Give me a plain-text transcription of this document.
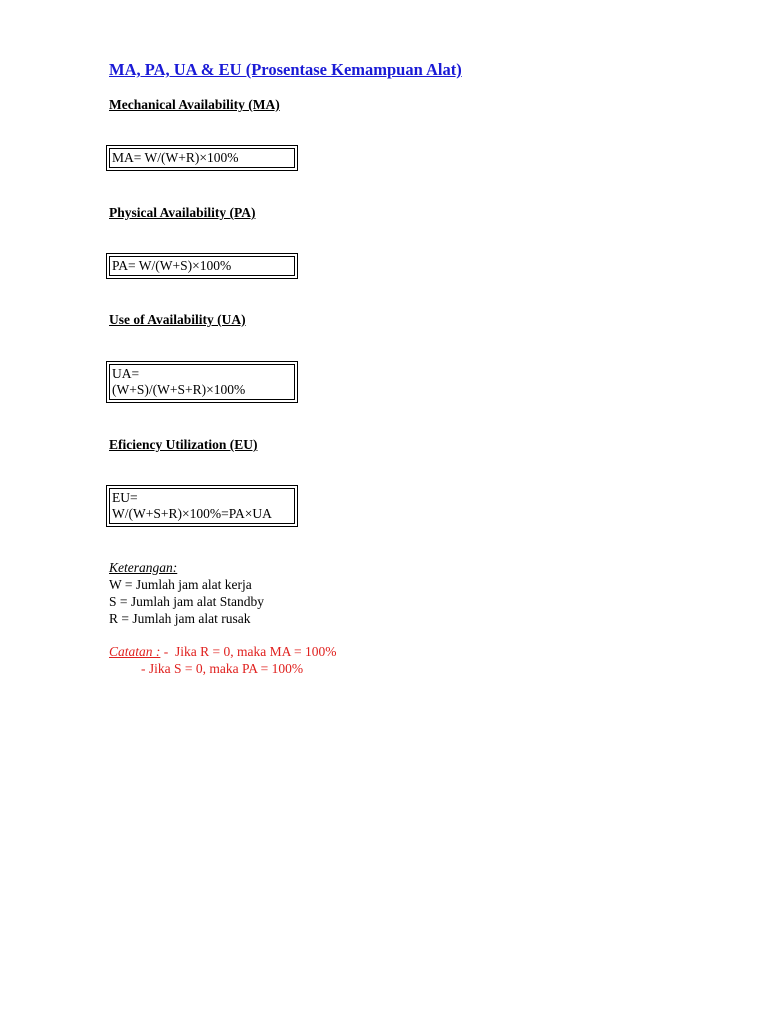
MA, PA, UA & EU (Prosentase Kemampuan Alat)
Mechanical Availability (MA)
MA= W/(W+R)×100%
Physical Availability (PA)
PA= W/(W+S)×100%
Use of Availability (UA)
UA=
(W+S)/(W+S+R)×100%
Eficiency Utilization (EU)
EU=
W/(W+S+R)×100%=PA×UA
Keterangan:
W = Jumlah jam alat kerja
S = Jumlah jam alat Standby
R = Jumlah jam alat rusak
Catatan : -  Jika R = 0, maka MA = 100%
- Jika S = 0, maka PA = 100%
